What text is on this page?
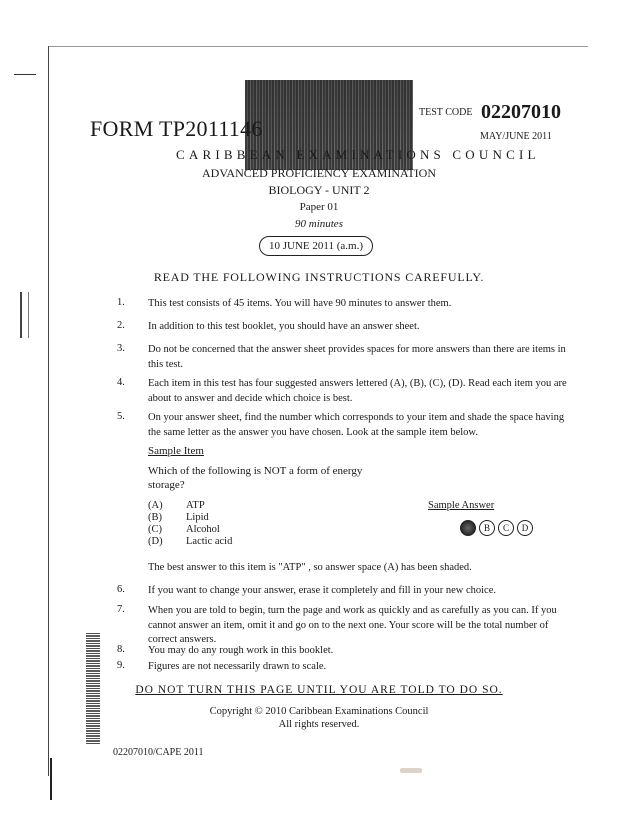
FORM TP2011146
TEST CODE 02207010
MAY/JUNE 2011
CARIBBEAN EXAMINATIONS COUNCIL
ADVANCED PROFICIENCY EXAMINATION
BIOLOGY - UNIT 2
Paper 01
90 minutes
10 JUNE 2011 (a.m.)
READ THE FOLLOWING INSTRUCTIONS CAREFULLY.
1.	This test consists of 45 items. You will have 90 minutes to answer them.
2.	In addition to this test booklet, you should have an answer sheet.
3.	Do not be concerned that the answer sheet provides spaces for more answers than there are items in this test.
4.	Each item in this test has four suggested answers lettered (A), (B), (C), (D). Read each item you are about to answer and decide which choice is best.
5.	On your answer sheet, find the number which corresponds to your item and shade the space having the same letter as the answer you have chosen. Look at the sample item below.
Sample Item
Which of the following is NOT a form of energy storage?
(A) ATP
(B) Lipid
(C) Alcohol
(D) Lactic acid
Sample Answer
B	C	D
The best answer to this item is "ATP" , so answer space (A) has been shaded.
6.	If you want to change your answer, erase it completely and fill in your new choice.
7.	When you are told to begin, turn the page and work as quickly and as carefully as you can. If you cannot answer an item, omit it and go on to the next one. Your score will be the total number of correct answers.
8.	You may do any rough work in this booklet.
9.	Figures are not necessarily drawn to scale.
DO NOT TURN THIS PAGE UNTIL YOU ARE TOLD TO DO SO.
Copyright © 2010 Caribbean Examinations Council
All rights reserved.
02207010/CAPE 2011
